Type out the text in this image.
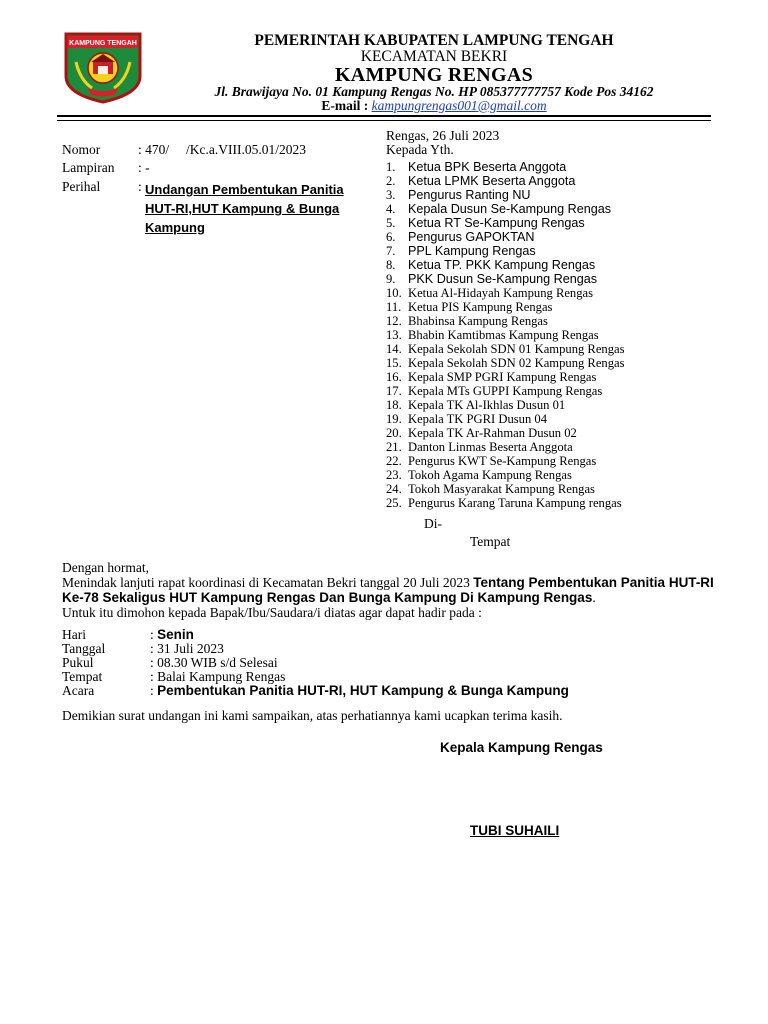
KAMPUNG TENGAH	PEMERINTAH KABUPATEN LAMPUNG TENGAH
KECAMATAN BEKRI
KAMPUNG RENGAS
Jl. Brawijaya No. 01 Kampung Rengas No. HP 085377777757 Kode Pos 34162
E-mail : kampungrengas001@gmail.com
Nomor	: 470/     /Kc.a.VIII.05.01/2023
Lampiran : -
Perihal	: Undangan Pembentukan Panitia HUT-RI,HUT Kampung & Bunga Kampung
Rengas, 26 Juli 2023
Kepada Yth.
1. Ketua BPK Beserta Anggota
2. Ketua LPMK Beserta Anggota
3. Pengurus Ranting NU
4. Kepala Dusun Se-Kampung Rengas
5. Ketua RT Se-Kampung Rengas
6. Pengurus GAPOKTAN
7. PPL Kampung Rengas
8. Ketua TP. PKK Kampung Rengas
9. PKK Dusun Se-Kampung Rengas
10. Ketua Al-Hidayah Kampung Rengas
11. Ketua PIS Kampung Rengas
12. Bhabinsa Kampung Rengas
13. Bhabin Kamtibmas Kampung Rengas
14. Kepala Sekolah SDN 01 Kampung Rengas
15. Kepala Sekolah SDN 02 Kampung Rengas
16. Kepala SMP PGRI Kampung Rengas
17. Kepala MTs GUPPI Kampung Rengas
18. Kepala TK Al-Ikhlas Dusun 01
19. Kepala TK PGRI Dusun 04
20. Kepala TK Ar-Rahman Dusun 02
21. Danton Linmas Beserta Anggota
22. Pengurus KWT Se-Kampung Rengas
23. Tokoh Agama Kampung Rengas
24. Tokoh Masyarakat Kampung Rengas
25. Pengurus Karang Taruna Kampung rengas
Di-
Tempat
Dengan hormat,
Menindak lanjuti rapat koordinasi di Kecamatan Bekri tanggal 20 Juli 2023 Tentang Pembentukan Panitia HUT-RI Ke-78 Sekaligus HUT Kampung Rengas Dan Bunga Kampung Di Kampung Rengas.
Untuk itu dimohon kepada Bapak/Ibu/Saudara/i diatas agar dapat hadir pada :
Hari	: Senin
Tanggal	: 31 Juli 2023
Pukul	: 08.30 WIB s/d Selesai
Tempat	: Balai Kampung Rengas
Acara	: Pembentukan Panitia HUT-RI, HUT Kampung & Bunga Kampung
Demikian surat undangan ini kami sampaikan, atas perhatiannya kami ucapkan terima kasih.
Kepala Kampung Rengas
TUBI SUHAILI
